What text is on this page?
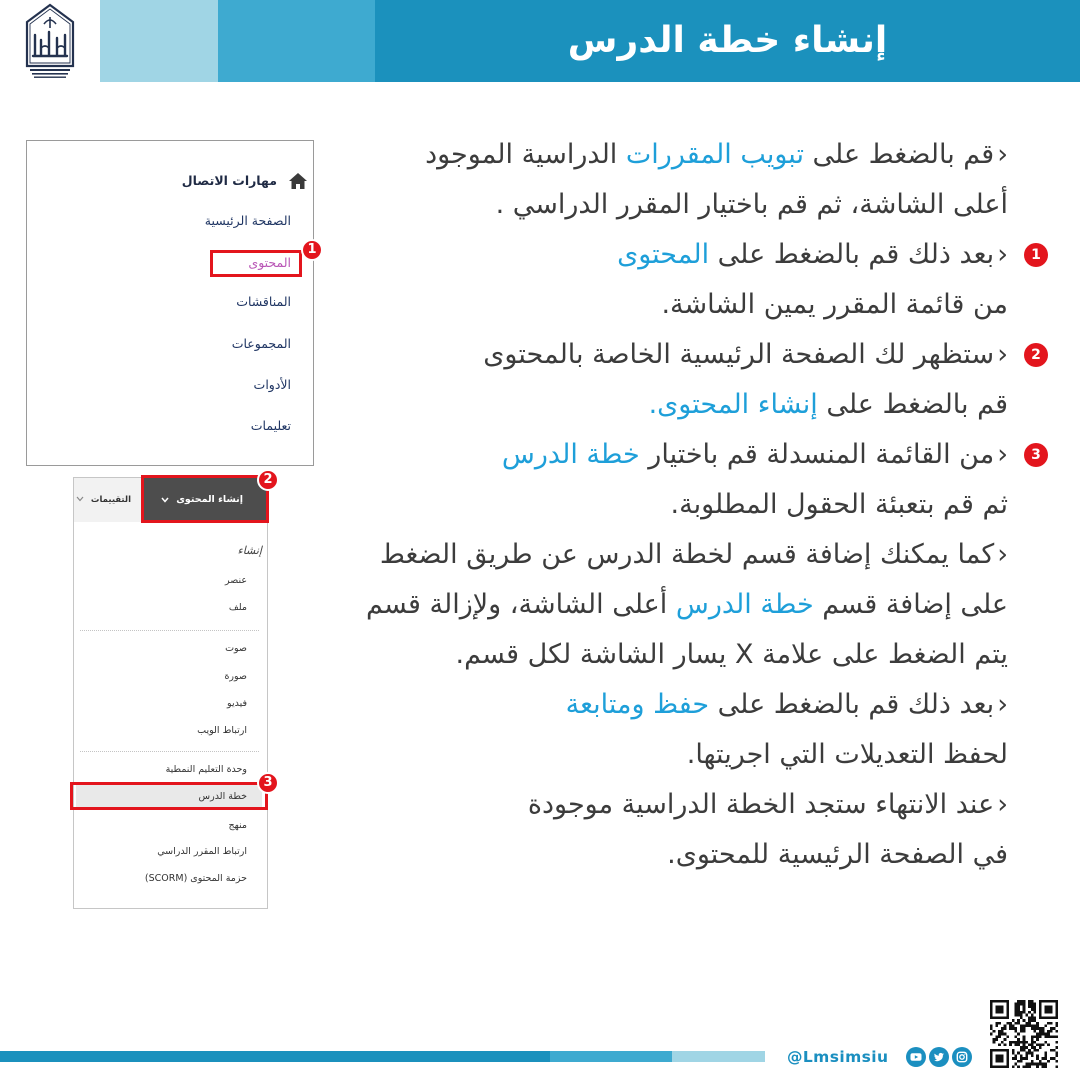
إنشاء خطة الدرس
مهارات الاتصال
الصفحة الرئيسية
المحتوى
المناقشات
المجموعات
الأدوات
تعليمات
1
التقييمات	إنشاء المحتوى
إنشاء
عنصر
ملف
صوت
صورة
فيديو
ارتباط الويب
وحدة التعليم النمطية
خطة الدرس
منهج
ارتباط المقرر الدراسي
حزمة المحتوى (SCORM)
2
3
›قم بالضغط على تبويب المقررات الدراسية الموجود
أعلى الشاشة، ثم قم باختيار المقرر الدراسي .
1
›بعد ذلك قم بالضغط على المحتوى
من قائمة المقرر يمين الشاشة.
2
›ستظهر لك الصفحة الرئيسية الخاصة بالمحتوى
قم بالضغط على إنشاء المحتوى.
3
›من القائمة المنسدلة قم باختيار خطة الدرس
ثم قم بتعبئة الحقول المطلوبة.
›كما يمكنك إضافة قسم لخطة الدرس عن طريق الضغط
على إضافة قسم خطة الدرس أعلى الشاشة، ولإزالة قسم
يتم الضغط على علامة X يسار الشاشة لكل قسم.
›بعد ذلك قم بالضغط على حفظ ومتابعة
لحفظ التعديلات التي اجريتها.
›عند الانتهاء ستجد الخطة الدراسية موجودة
في الصفحة الرئيسية للمحتوى.
@Lmsimsiu
